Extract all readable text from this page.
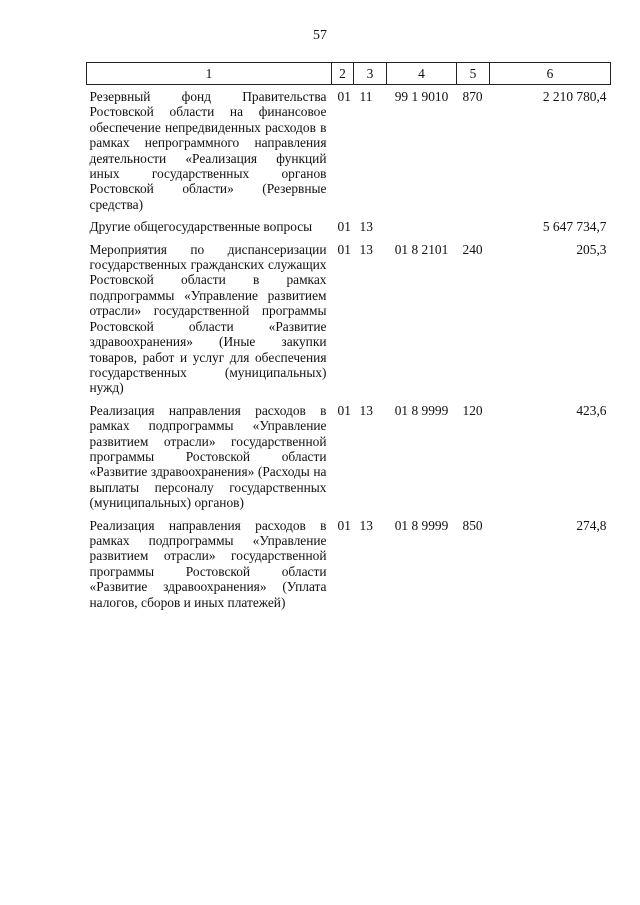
57
1	2	3	4	5	6
Резервный фонд Правительства Ростовской области на финансовое обеспечение непредвиденных расходов в рамках непрограммного направления деятельности «Реализация функций иных государственных органов Ростовской области» (Резервные средства)	01	11	99 1 9010	870	2 210 780,4
Другие общегосударственные вопросы	01	13			5 647 734,7
Мероприятия по диспансеризации государственных гражданских служащих Ростовской области в рамках подпрограммы «Управление развитием отрасли» государственной программы Ростовской области «Развитие здравоохранения» (Иные закупки товаров, работ и услуг для обеспечения государственных (муниципальных) нужд)	01	13	01 8 2101	240	205,3
Реализация направления расходов в рамках подпрограммы «Управление развитием отрасли» государственной программы Ростовской области «Развитие здравоохранения» (Расходы на выплаты персоналу государственных (муниципальных) органов)	01	13	01 8 9999	120	423,6
Реализация направления расходов в рамках подпрограммы «Управление развитием отрасли» государственной программы Ростовской области «Развитие здравоохранения» (Уплата налогов, сборов и иных платежей)	01	13	01 8 9999	850	274,8
